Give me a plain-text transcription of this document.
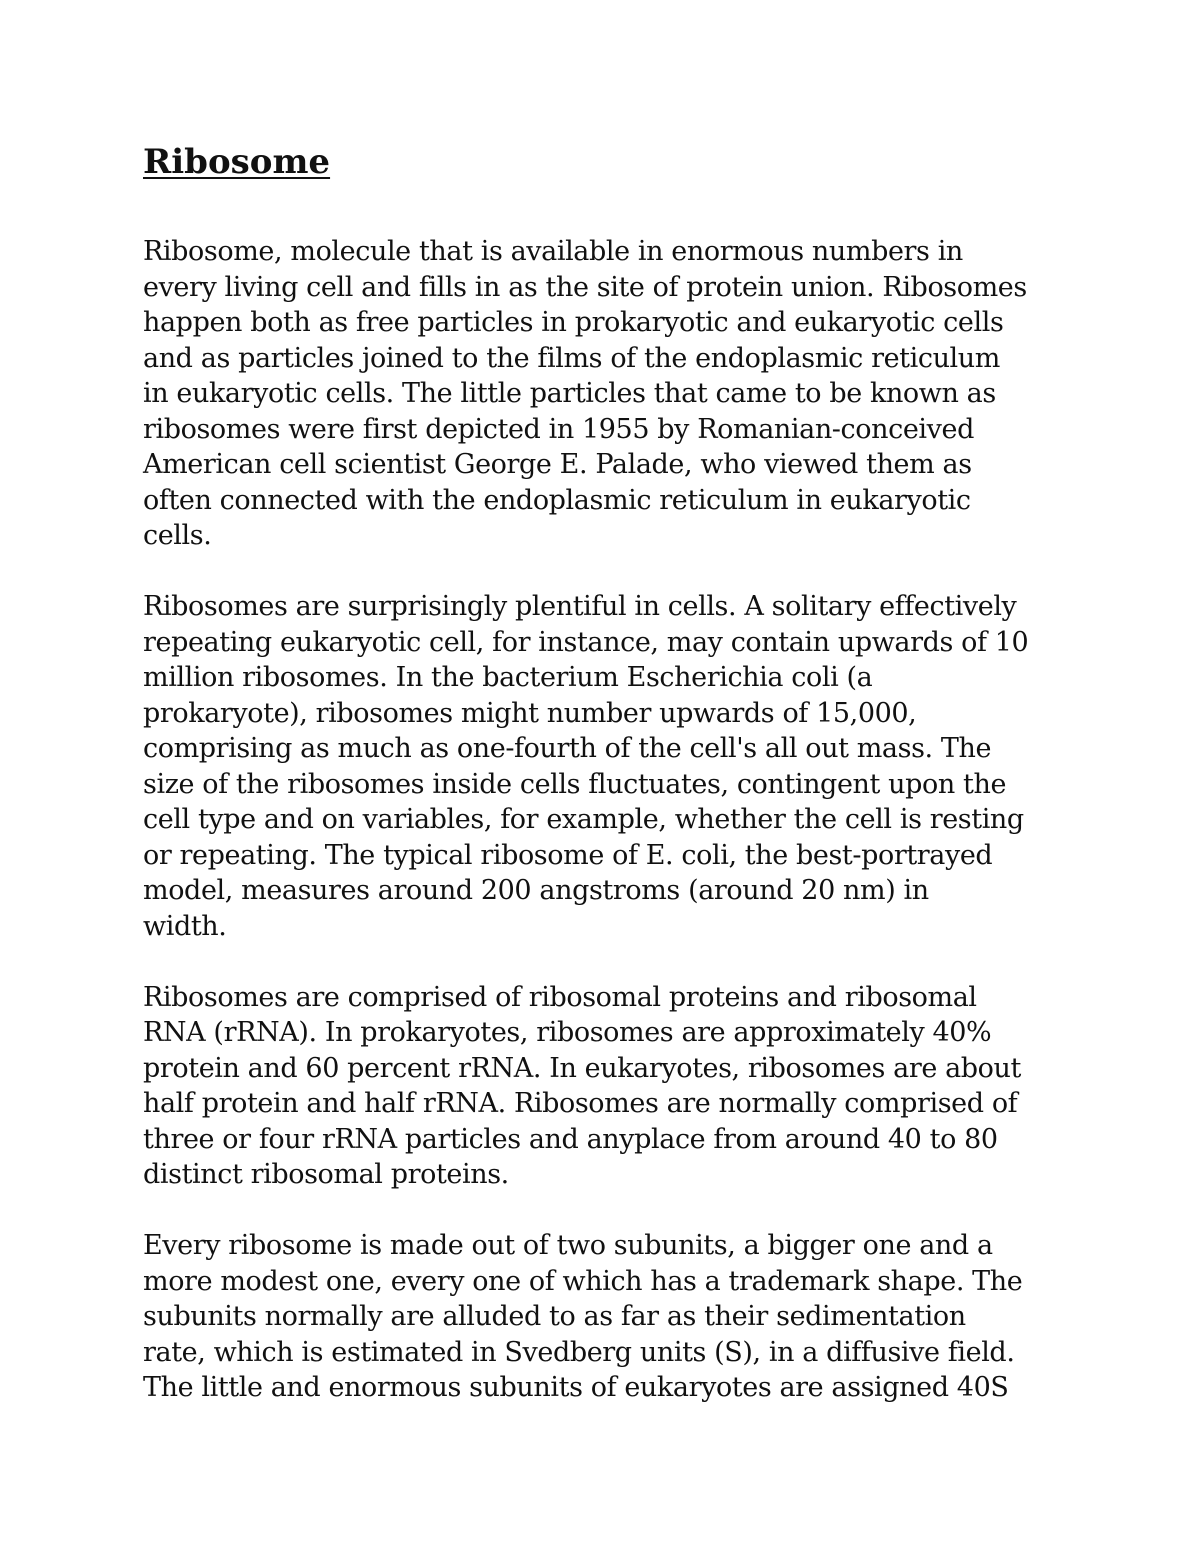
Ribosome

Ribosome, molecule that is available in enormous numbers in
every living cell and fills in as the site of protein union. Ribosomes
happen both as free particles in prokaryotic and eukaryotic cells
and as particles joined to the films of the endoplasmic reticulum
in eukaryotic cells. The little particles that came to be known as
ribosomes were first depicted in 1955 by Romanian-conceived
American cell scientist George E. Palade, who viewed them as
often connected with the endoplasmic reticulum in eukaryotic
cells.

Ribosomes are surprisingly plentiful in cells. A solitary effectively
repeating eukaryotic cell, for instance, may contain upwards of 10
million ribosomes. In the bacterium Escherichia coli (a
prokaryote), ribosomes might number upwards of 15,000,
comprising as much as one-fourth of the cell's all out mass. The
size of the ribosomes inside cells fluctuates, contingent upon the
cell type and on variables, for example, whether the cell is resting
or repeating. The typical ribosome of E. coli, the best-portrayed
model, measures around 200 angstroms (around 20 nm) in
width.

Ribosomes are comprised of ribosomal proteins and ribosomal
RNA (rRNA). In prokaryotes, ribosomes are approximately 40%
protein and 60 percent rRNA. In eukaryotes, ribosomes are about
half protein and half rRNA. Ribosomes are normally comprised of
three or four rRNA particles and anyplace from around 40 to 80
distinct ribosomal proteins.

Every ribosome is made out of two subunits, a bigger one and a
more modest one, every one of which has a trademark shape. The
subunits normally are alluded to as far as their sedimentation
rate, which is estimated in Svedberg units (S), in a diffusive field.
The little and enormous subunits of eukaryotes are assigned 40S
